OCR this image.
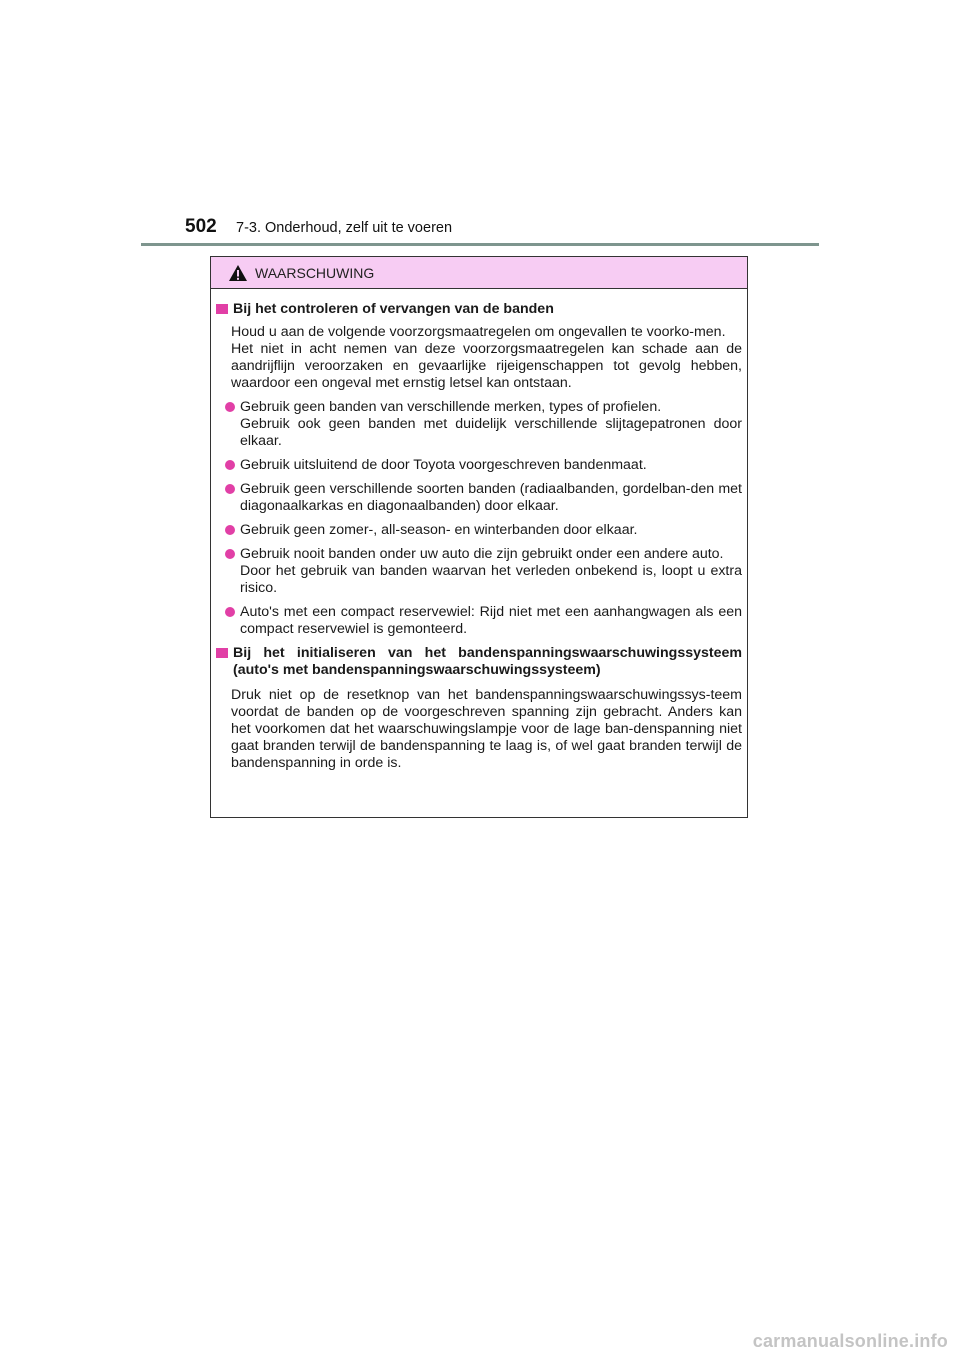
502 7-3. Onderhoud, zelf uit te voeren
WAARSCHUWING
Bij het controleren of vervangen van de banden
Houd u aan de volgende voorzorgsmaatregelen om ongevallen te voorko-men.
Het niet in acht nemen van deze voorzorgsmaatregelen kan schade aan de aandrijflijn veroorzaken en gevaarlijke rijeigenschappen tot gevolg hebben, waardoor een ongeval met ernstig letsel kan ontstaan.
Gebruik geen banden van verschillende merken, types of profielen.
Gebruik ook geen banden met duidelijk verschillende slijtagepatronen door elkaar.
Gebruik uitsluitend de door Toyota voorgeschreven bandenmaat.
Gebruik geen verschillende soorten banden (radiaalbanden, gordelban-den met diagonaalkarkas en diagonaalbanden) door elkaar.
Gebruik geen zomer-, all-season- en winterbanden door elkaar.
Gebruik nooit banden onder uw auto die zijn gebruikt onder een andere auto.
Door het gebruik van banden waarvan het verleden onbekend is, loopt u extra risico.
Auto's met een compact reservewiel: Rijd niet met een aanhangwagen als een compact reservewiel is gemonteerd.
Bij het initialiseren van het bandenspanningswaarschuwingssysteem (auto's met bandenspanningswaarschuwingssysteem)
Druk niet op de resetknop van het bandenspanningswaarschuwingssys-teem voordat de banden op de voorgeschreven spanning zijn gebracht. Anders kan het voorkomen dat het waarschuwingslampje voor de lage ban-denspanning niet gaat branden terwijl de bandenspanning te laag is, of wel gaat branden terwijl de bandenspanning in orde is.
carmanualsonline.info
